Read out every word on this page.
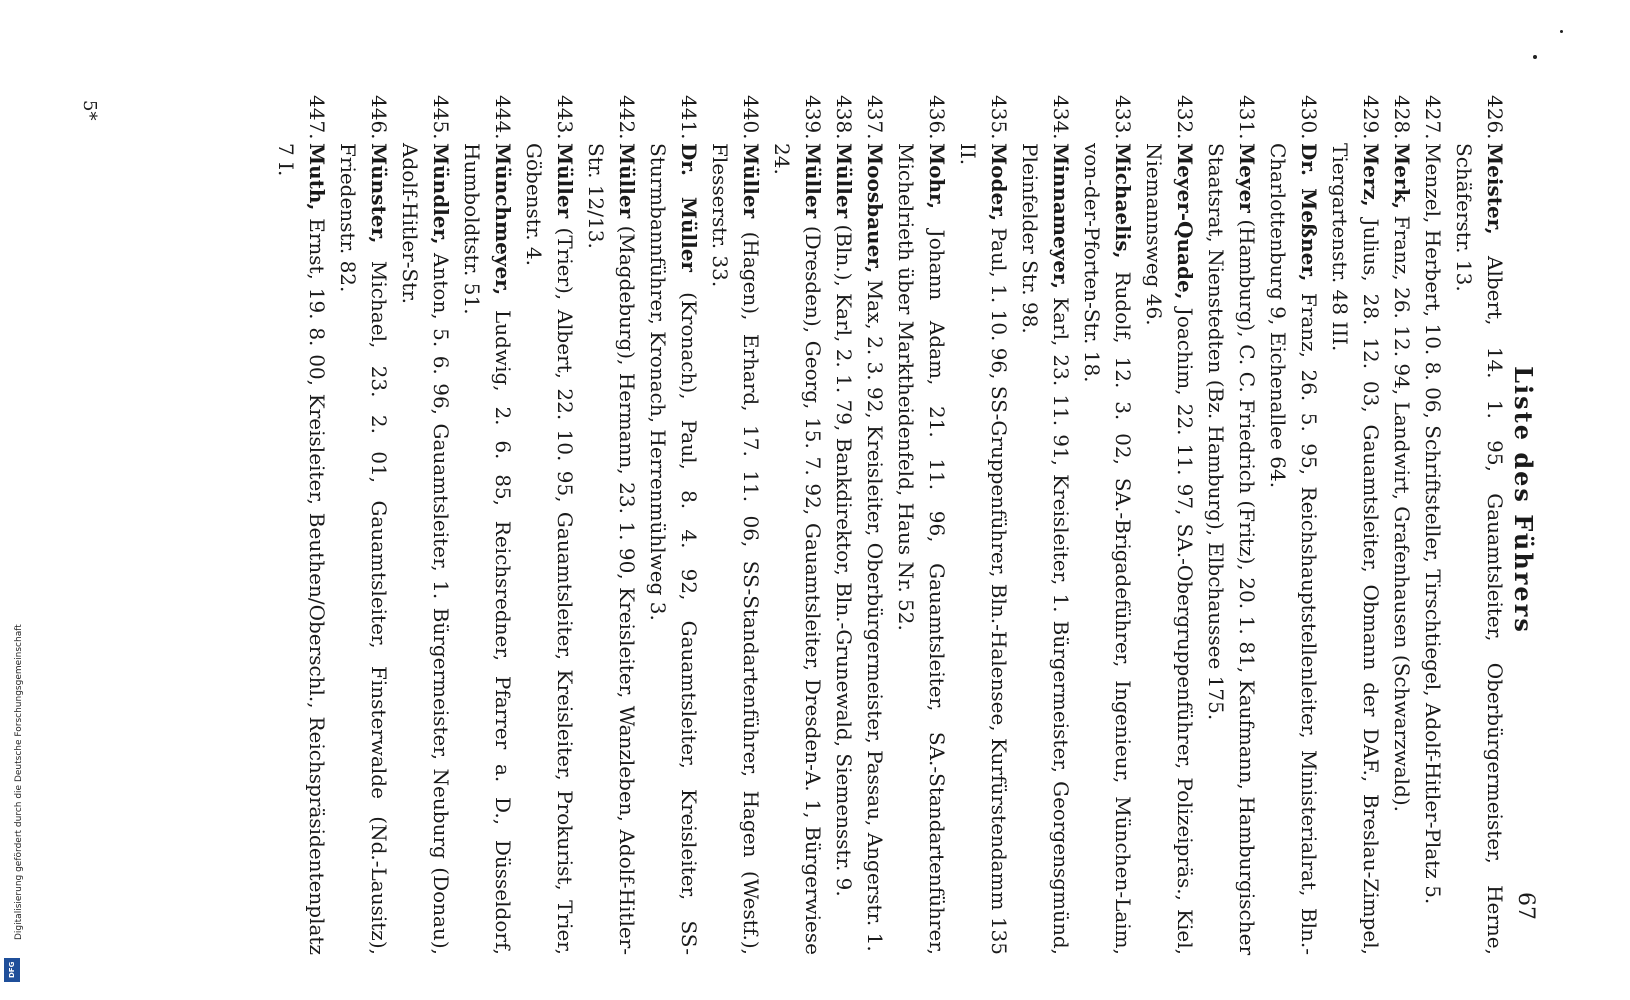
Digitalisierung gefördert durch die Deutsche Forschungsgemeinschaft
DFG
Liste des Führers
67

426.
Meister, Albert, 14. 1. 95, Gauamtsleiter, Oberbürgermeister, Herne, Schäferstr. 13.

427.
Menzel, Herbert, 10. 8. 06, Schriftsteller, Tirschtiegel, Adolf-Hitler-Platz 5.

428.
Merk, Franz, 26. 12. 94, Landwirt, Grafenhausen (Schwarzwald).

429.
Merz, Julius, 28. 12. 03, Gauamtsleiter, Obmann der DAF., Breslau-Zimpel, Tiergartenstr. 48 III.

430.
Dr. Meßner, Franz, 26. 5. 95, Reichshauptstellenleiter, Ministerialrat, Bln.-Charlottenburg 9, Eichenallee 64.

431.
Meyer (Hamburg), C. C. Friedrich (Fritz), 20. 1. 81, Kaufmann, Hamburgischer Staatsrat, Nienstedten (Bz. Hamburg), Elbchaussee 175.

432.
Meyer-Quade, Joachim, 22. 11. 97, SA.-Obergruppenführer, Polizeipräs., Kiel, Niemannsweg 46.

433.
Michaelis, Rudolf, 12. 3. 02, SA.-Brigadeführer, Ingenieur, München-Laim, von-der-Pforten-Str. 18.

434.
Minnameyer, Karl, 23. 11. 91, Kreisleiter, 1. Bürgermeister, Georgensgmünd, Pleinfelder Str. 98.

435.
Moder, Paul, 1. 10. 96, SS-Gruppenführer, Bln.-Halensee, Kurfürstendamm 135 II.

436.
Mohr, Johann Adam, 21. 11. 96, Gauamtsleiter, SA.-Standartenführer, Michelrieth über Marktheidenfeld, Haus Nr. 52.

437.
Moosbauer, Max, 2. 3. 92, Kreisleiter, Oberbürgermeister, Passau, Angerstr. 1.

438.
Müller (Bln.), Karl, 2. 1. 79, Bankdirektor, Bln.-Grunewald, Siemensstr. 9.

439.
Müller (Dresden), Georg, 15. 7. 92, Gauamtsleiter, Dresden-A. 1, Bürgerwiese 24.

440.
Müller (Hagen), Erhard, 17. 11. 06, SS-Standartenführer, Hagen (Westf.), Flesserstr. 33.

441.
Dr. Müller (Kronach), Paul, 8. 4. 92, Gauamtsleiter, Kreisleiter, SS-Sturmbannführer, Kronach, Herrenmühlweg 3.

442.
Müller (Magdeburg), Hermann, 23. 1. 90, Kreisleiter, Wanzleben, Adolf-Hitler-Str. 12/13.

443.
Müller (Trier), Albert, 22. 10. 95, Gauamtsleiter, Kreisleiter, Prokurist, Trier, Göbenstr. 4.

444.
Münchmeyer, Ludwig, 2. 6. 85, Reichsredner, Pfarrer a. D., Düsseldorf, Humboldtstr. 51.

445.
Mündler, Anton, 5. 6. 96, Gauamtsleiter, 1. Bürgermeister, Neuburg (Donau), Adolf-Hitler-Str.

446.
Münster, Michael, 23. 2. 01, Gauamtsleiter, Finsterwalde (Nd.-Lausitz), Friedenstr. 82.

447.
Muth, Ernst, 19. 8. 00, Kreisleiter, Beuthen/Oberschl., Reichspräsidentenplatz 7 I.

5*
